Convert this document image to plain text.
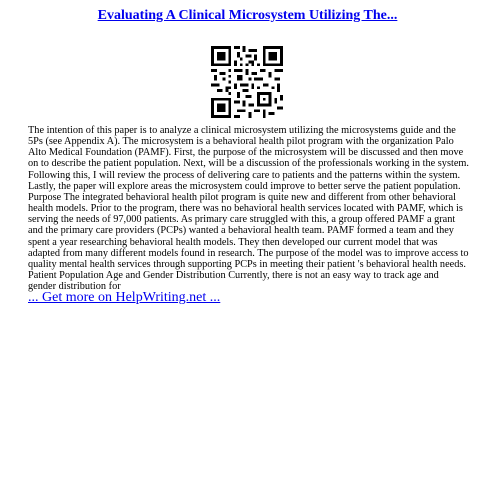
Evaluating A Clinical Microsystem Utilizing The...

The intention of this paper is to analyze a clinical microsystem utilizing the microsystems guide and the 5Ps (see Appendix A). The microsystem is a behavioral health pilot program with the organization Palo Alto Medical Foundation (PAMF). First, the purpose of the microsystem will be discussed and then move on to describe the patient population. Next, will be a discussion of the professionals working in the system. Following this, I will review the process of delivering care to patients and the patterns within the system. Lastly, the paper will explore areas the microsystem could improve to better serve the patient population. Purpose The integrated behavioral health pilot program is quite new and different from other behavioral health models. Prior to the program, there was no behavioral health services located with PAMF, which is serving the needs of 97,000 patients. As primary care struggled with this, a group offered PAMF a grant and the primary care providers (PCPs) wanted a behavioral health team. PAMF formed a team and they spent a year researching behavioral health models. They then developed our current model that was adapted from many different models found in research. The purpose of the model was to improve access to quality mental health services through supporting PCPs in meeting their patient 's behavioral health needs. Patient Population Age and Gender Distribution Currently, there is not an easy way to track age and gender distribution for

... Get more on HelpWriting.net ...
